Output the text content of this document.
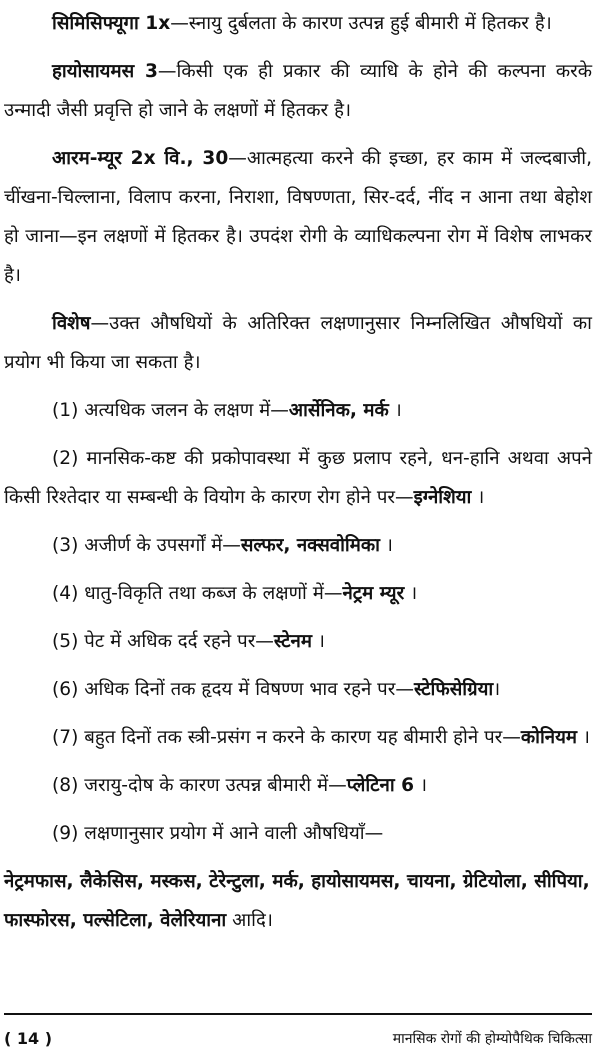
सिमिसिफ्यूगा 1x—स्नायु दुर्बलता के कारण उत्पन्न हुई बीमारी में हितकर है।

हायोसायमस 3—किसी एक ही प्रकार की व्याधि के होने की कल्पना करके उन्मादी जैसी प्रवृत्ति हो जाने के लक्षणों में हितकर है।

आरम-म्यूर 2x वि., 30—आत्महत्या करने की इच्छा, हर काम में जल्दबाजी, चींखना-चिल्लाना, विलाप करना, निराशा, विषण्णता, सिर-दर्द, नींद न आना तथा बेहोश हो जाना—इन लक्षणों में हितकर है। उपदंश रोगी के व्याधिकल्पना रोग में विशेष लाभकर है।

विशेष—उक्त औषधियों के अतिरिक्त लक्षणानुसार निम्नलिखित औषधियों का प्रयोग भी किया जा सकता है।

(1) अत्यधिक जलन के लक्षण में—आर्सेनिक, मर्क ।

(2) मानसिक-कष्ट की प्रकोपावस्था में कुछ प्रलाप रहने, धन-हानि अथवा अपने किसी रिश्तेदार या सम्बन्धी के वियोग के कारण रोग होने पर—इग्नेशिया ।

(3) अजीर्ण के उपसर्गों में—सल्फर, नक्सवोमिका ।

(4) धातु-विकृति तथा कब्ज के लक्षणों में—नेट्रम म्यूर ।

(5) पेट में अधिक दर्द रहने पर—स्टेनम ।

(6) अधिक दिनों तक हृदय में विषण्ण भाव रहने पर—स्टेफिसेग्रिया।

(7) बहुत दिनों तक स्त्री-प्रसंग न करने के कारण यह बीमारी होने पर—कोनियम ।

(8) जरायु-दोष के कारण उत्पन्न बीमारी में—प्लेटिना 6 ।

(9) लक्षणानुसार प्रयोग में आने वाली औषधियाँ—

नेट्रमफास, लैकेसिस, मस्कस, टेरेन्टुला, मर्क, हायोसायमस, चायना, ग्रेटियोला, सीपिया, फास्फोरस, पल्सेटिला, वेलेरियाना आदि।

( 14 )	मानसिक रोगों की होम्योपैथिक चिकित्सा
